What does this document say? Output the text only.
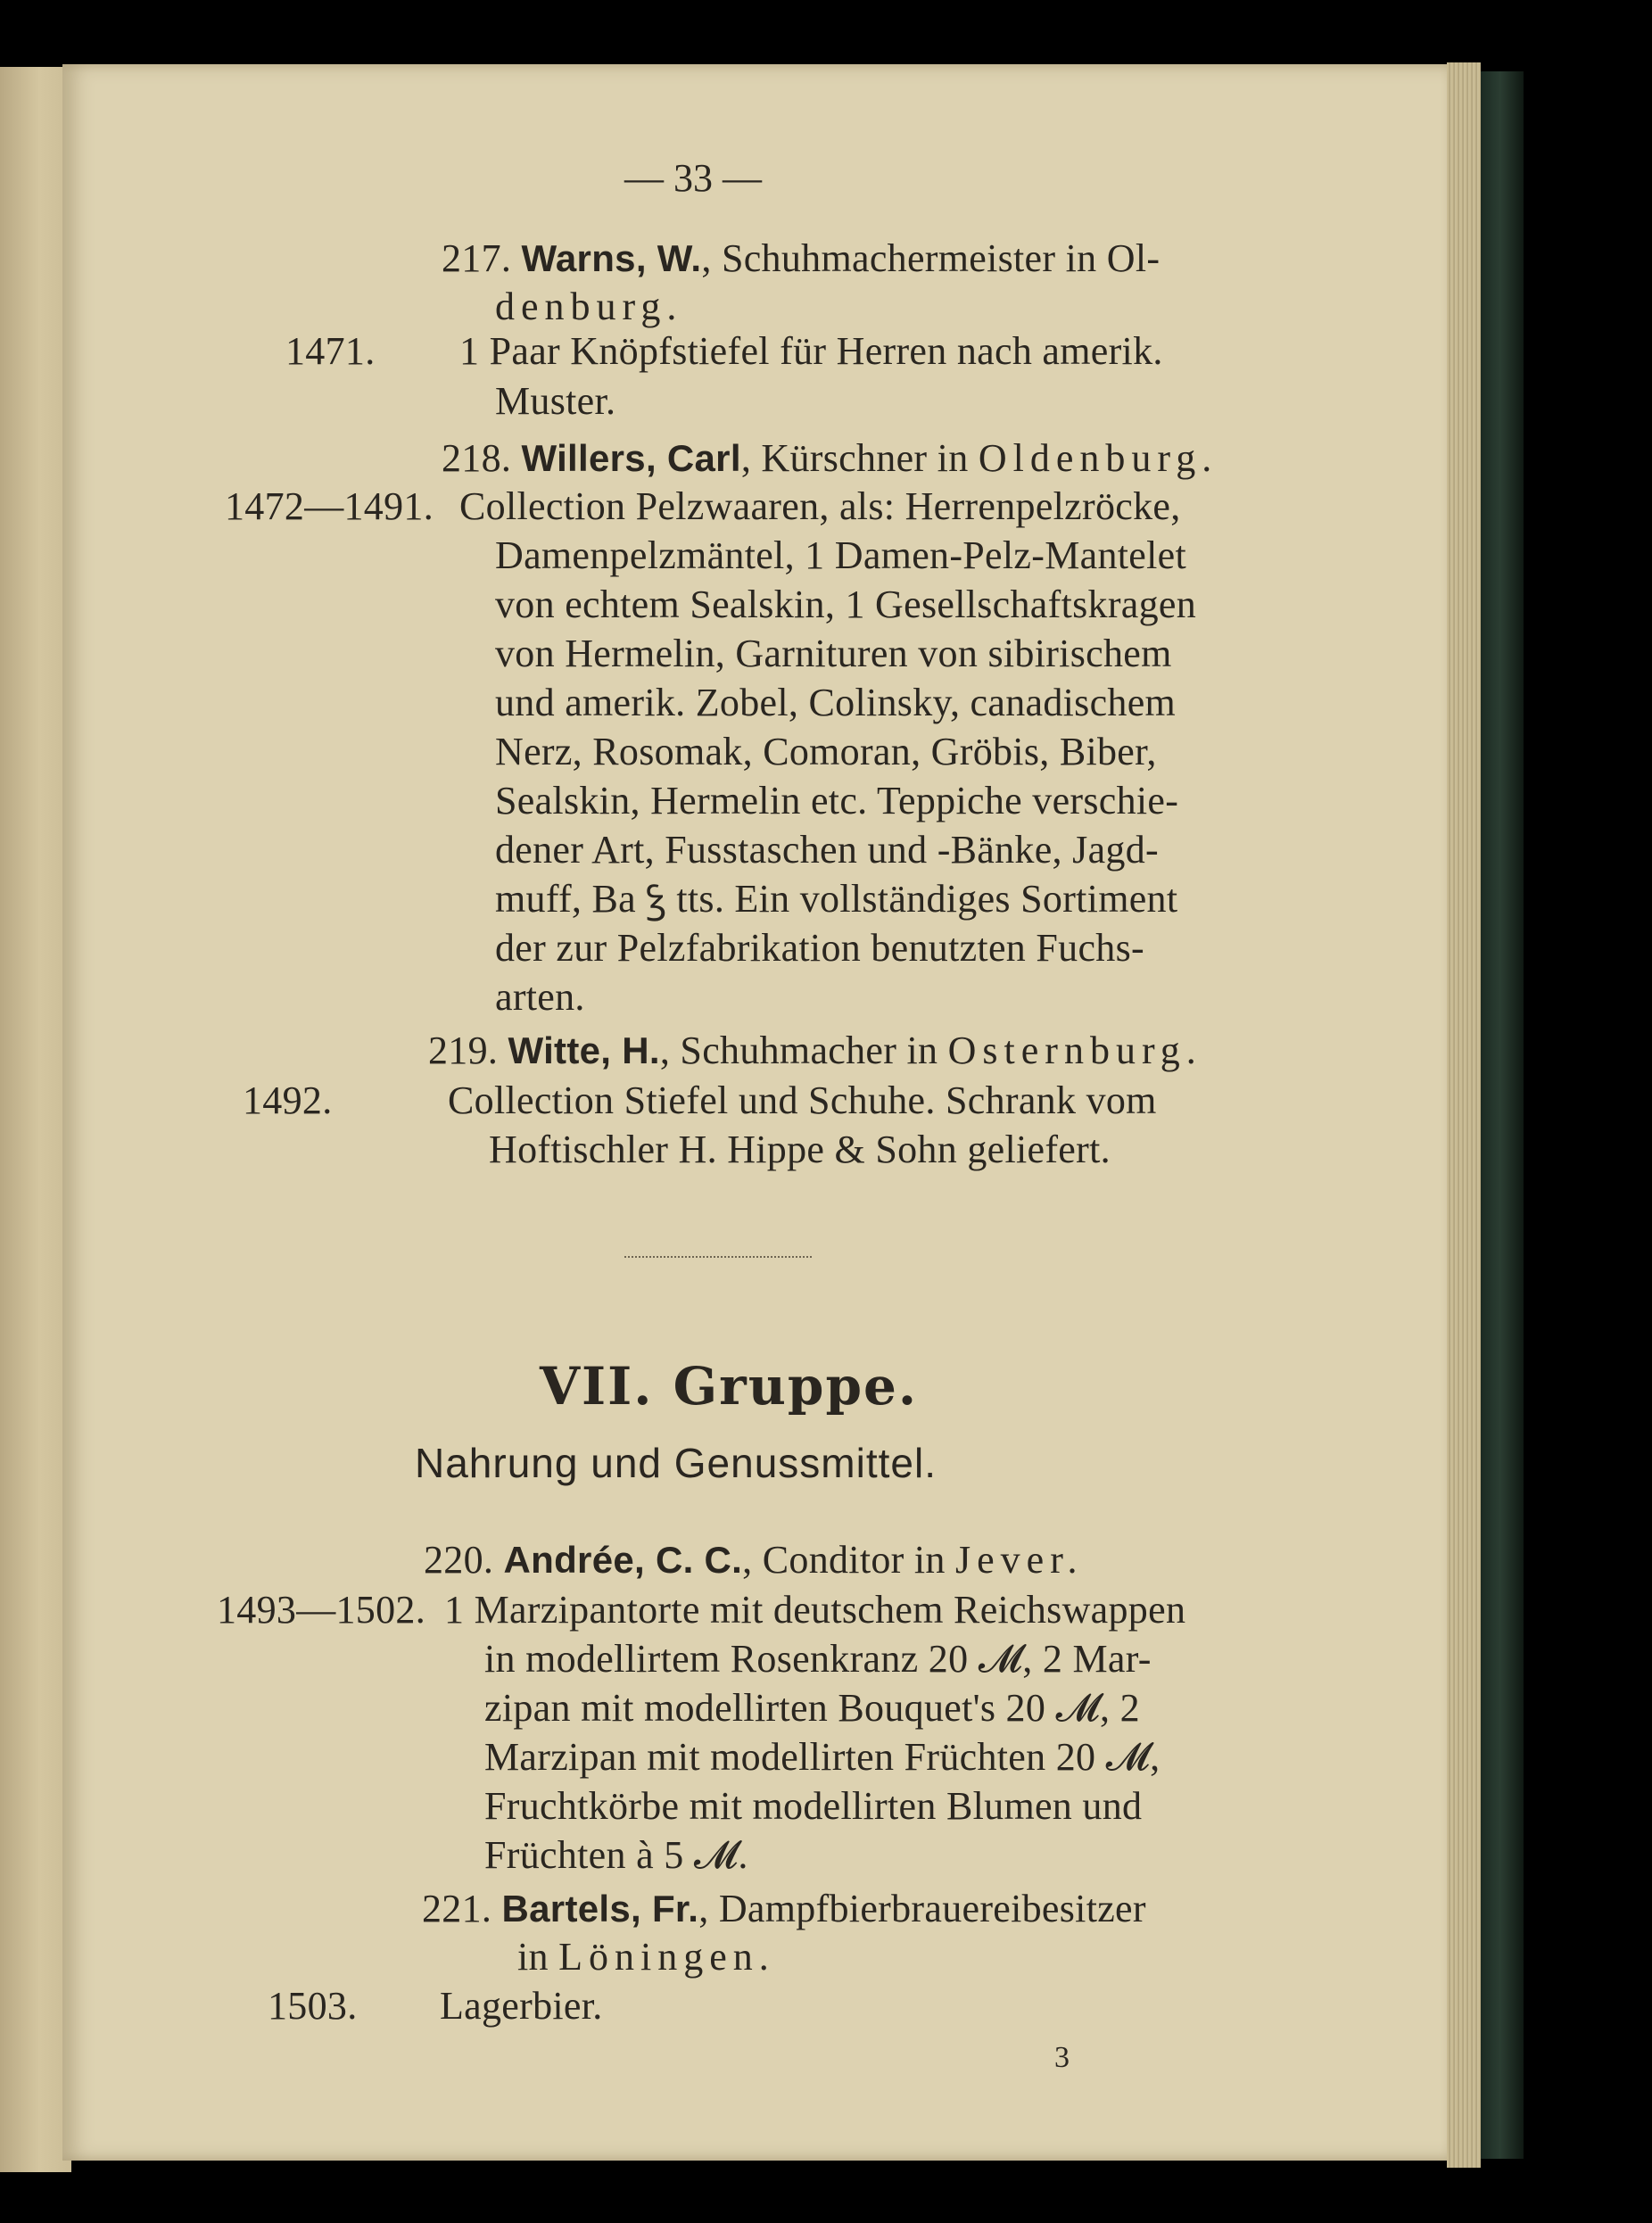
— 33 —
217. Warns, W., Schuhmachermeister in Ol-
denburg.
1471. 1 Paar Knöpfstiefel für Herren nach amerik.
Muster.
218. Willers, Carl, Kürschner in Oldenburg.
1472—1491. Collection Pelzwaaren, als: Herrenpelzröcke,
Damenpelzmäntel, 1 Damen-Pelz-Mantelet
von echtem Sealskin, 1 Gesellschaftskragen
von Hermelin, Garnituren von sibirischem
und amerik. Zobel, Colinsky, canadischem
Nerz, Rosomak, Comoran, Gröbis, Biber,
Sealskin, Hermelin etc. Teppiche verschie-
dener Art, Fusstaschen und -Bänke, Jagd-
muff, Ba ꝣ tts. Ein vollständiges Sortiment
der zur Pelzfabrikation benutzten Fuchs-
arten.
219. Witte, H., Schuhmacher in Osternburg.
1492.	Collection Stiefel und Schuhe. Schrank vom
Hoftischler H. Hippe & Sohn geliefert.
VII. Gruppe.
Nahrung und Genussmittel.
220. Andrée, C. C., Conditor in Jever.
1493—1502. 1 Marzipantorte mit deutschem Reichswappen
in modellirtem Rosenkranz 20 𝓜, 2 Mar-
zipan mit modellirten Bouquet's 20 𝓜, 2
Marzipan mit modellirten Früchten 20 𝓜,
Fruchtkörbe mit modellirten Blumen und
Früchten à 5 𝓜.
221. Bartels, Fr., Dampfbierbrauereibesitzer
in Löningen.
1503. Lagerbier.
3
